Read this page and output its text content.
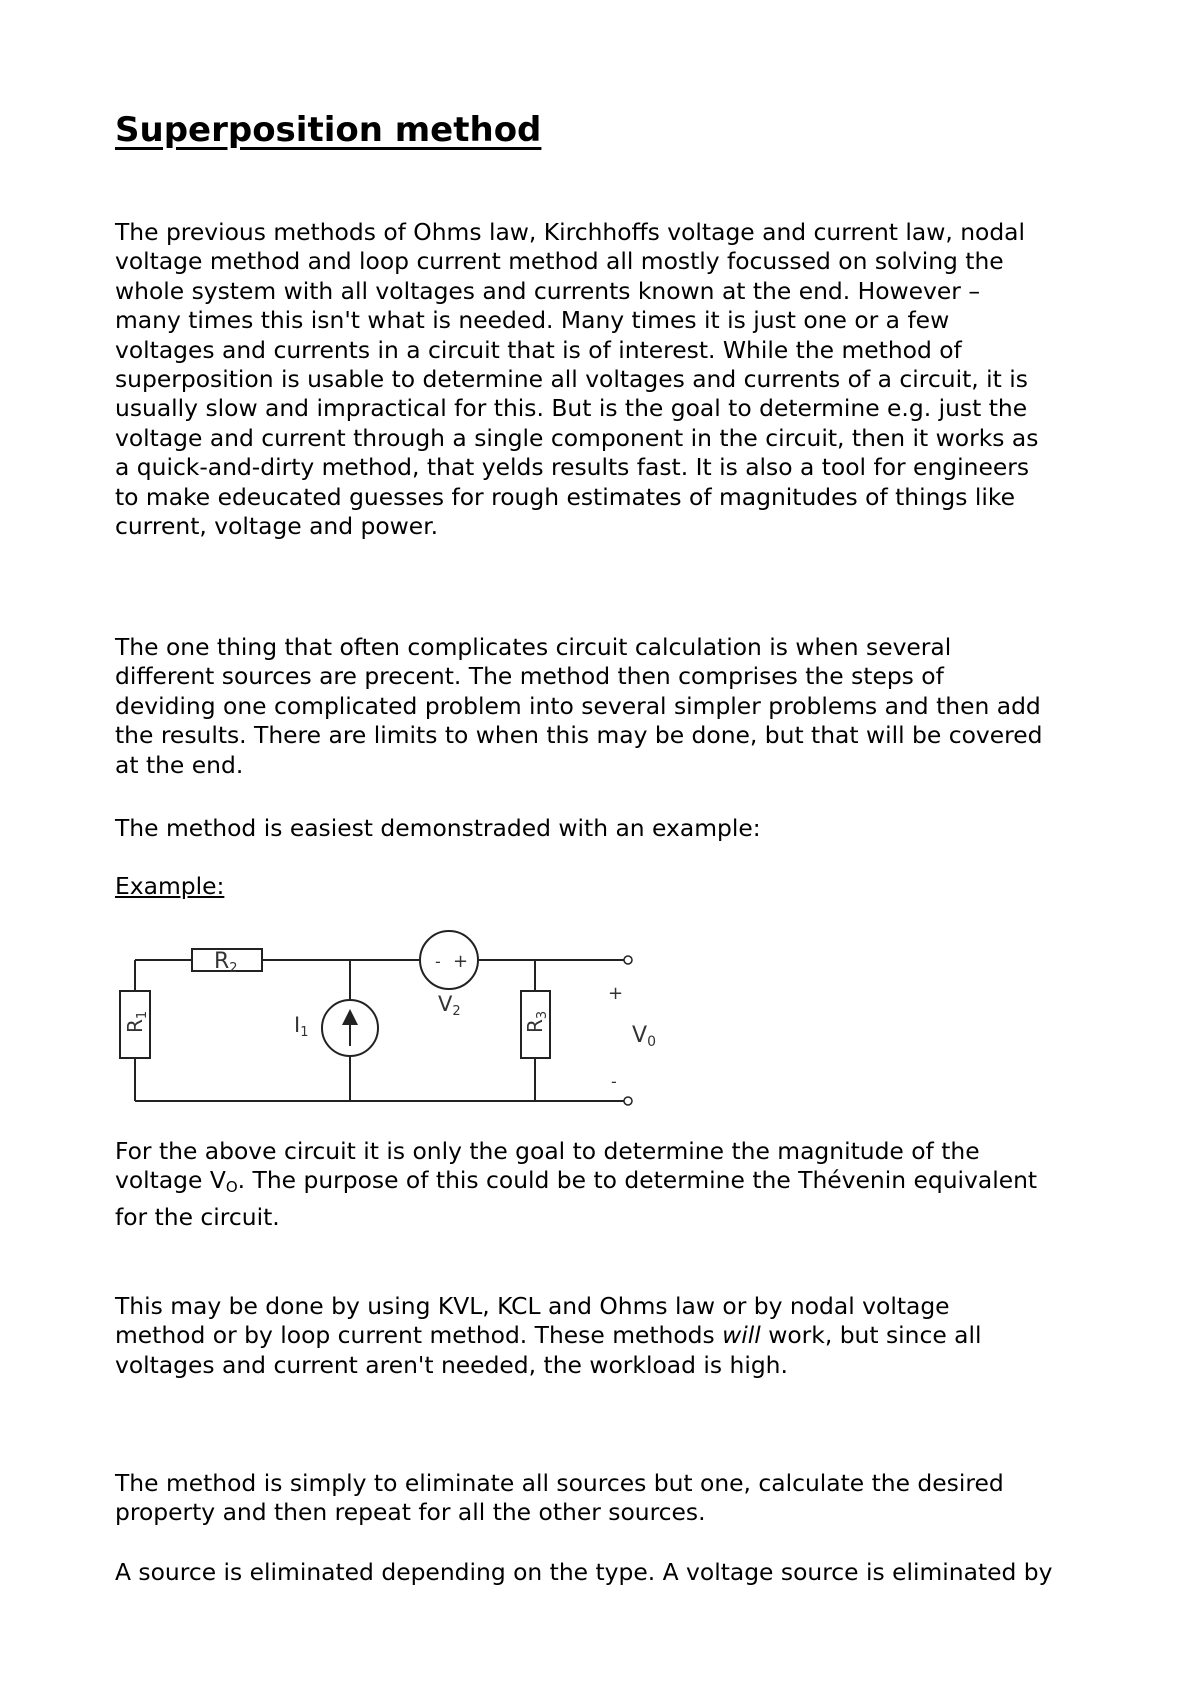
Superposition method

The previous methods of Ohms law, Kirchhoffs voltage and current law, nodal
voltage method and loop current method all mostly focussed on solving the
whole system with all voltages and currents known at the end. However –
many times this isn't what is needed. Many times it is just one or a few
voltages and currents in a circuit that is of interest. While the method of
superposition is usable to determine all voltages and currents of a circuit, it is
usually slow and impractical for this. But is the goal to determine e.g. just the
voltage and current through a single component in the circuit, then it works as
a quick-and-dirty method, that yelds results fast. It is also a tool for engineers
to make edeucated guesses for rough estimates of magnitudes of things like
current, voltage and power.

The one thing that often complicates circuit calculation is when several
different sources are precent. The method then comprises the steps of
deviding one complicated problem into several simpler problems and then add
the results. There are limits to when this may be done, but that will be covered
at the end.

The method is easiest demonstraded with an example:

Example:

For the above circuit it is only the goal to determine the magnitude of the
voltage $V_O$. The purpose of this could be to determine the Thévenin equivalent
for the circuit.

This may be done by using KVL, KCL and Ohms law or by nodal voltage
method or by loop current method. These methods will work, but since all
voltages and current aren't needed, the workload is high.

The method is simply to eliminate all sources but one, calculate the desired
property and then repeat for all the other sources.

A source is eliminated depending on the type. A voltage source is eliminated by

R2
$R_1$
$R_3$
I1
- +
V2
+
-
V0
